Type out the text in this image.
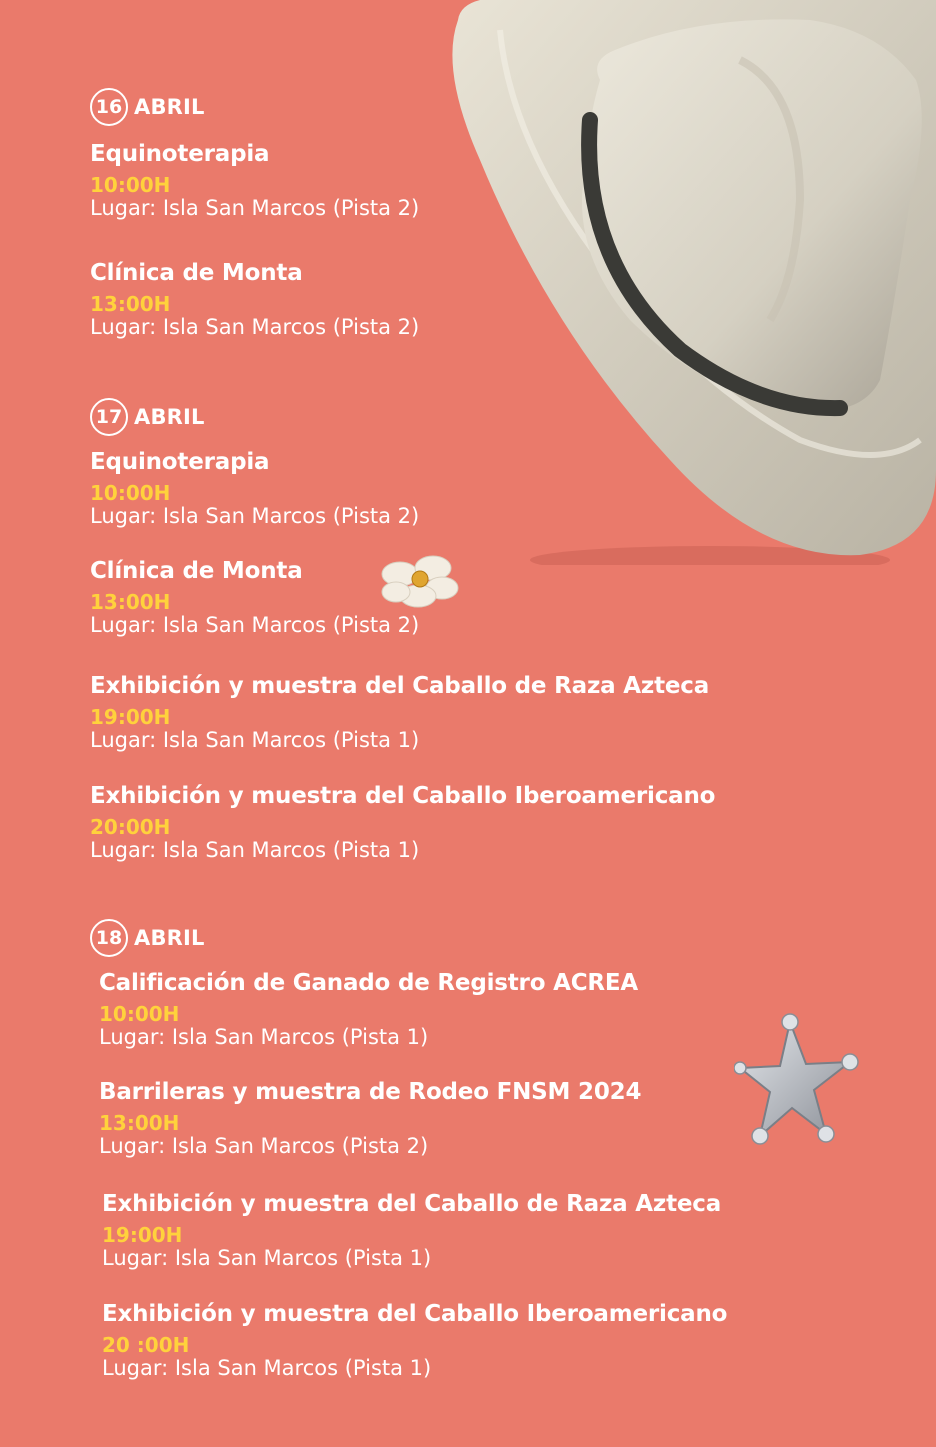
16 ABRIL
Equinoterapia
10:00H
Lugar: Isla San Marcos (Pista 2)
Clínica de Monta
13:00H
Lugar: Isla San Marcos (Pista 2)
17 ABRIL
Equinoterapia
10:00H
Lugar: Isla San Marcos (Pista 2)
Clínica de Monta
13:00H
Lugar: Isla San Marcos (Pista 2)
Exhibición y muestra del Caballo de Raza Azteca
19:00H
Lugar: Isla San Marcos (Pista 1)
Exhibición y muestra del Caballo Iberoamericano
20:00H
Lugar: Isla San Marcos (Pista 1)
18 ABRIL
Calificación de Ganado de Registro ACREA
10:00H
Lugar: Isla San Marcos (Pista 1)
Barrileras y muestra de Rodeo FNSM 2024
13:00H
Lugar: Isla San Marcos (Pista 2)
Exhibición y muestra del Caballo de Raza Azteca
19:00H
Lugar: Isla San Marcos (Pista 1)
Exhibición y muestra del Caballo Iberoamericano
20 :00H
Lugar: Isla San Marcos (Pista 1)
